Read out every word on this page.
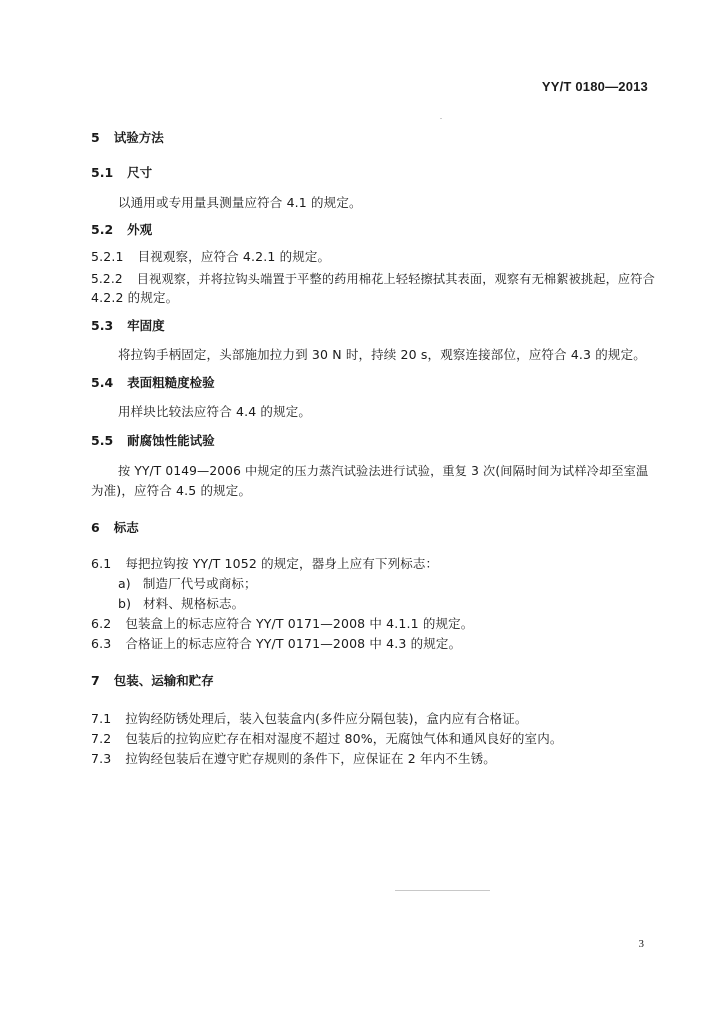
YY/T 0180—2013
5 试验方法
5.1 尺寸
以通用或专用量具测量应符合 4.1 的规定。
5.2 外观
5.2.1 目视观察，应符合 4.2.1 的规定。
5.2.2 目视观察，并将拉钩头端置于平整的药用棉花上轻轻擦拭其表面，观察有无棉絮被挑起，应符合
4.2.2 的规定。
5.3 牢固度
将拉钩手柄固定，头部施加拉力到 30 N 时，持续 20 s，观察连接部位，应符合 4.3 的规定。
5.4 表面粗糙度检验
用样块比较法应符合 4.4 的规定。
5.5 耐腐蚀性能试验
按 YY/T 0149—2006 中规定的压力蒸汽试验法进行试验，重复 3 次(间隔时间为试样冷却至室温
为准)，应符合 4.5 的规定。
6 标志
6.1 每把拉钩按 YY/T 1052 的规定，器身上应有下列标志：
a) 制造厂代号或商标；
b) 材料、规格标志。
6.2 包装盒上的标志应符合 YY/T 0171—2008 中 4.1.1 的规定。
6.3 合格证上的标志应符合 YY/T 0171—2008 中 4.3 的规定。
7 包装、运输和贮存
7.1 拉钩经防锈处理后，装入包装盒内(多件应分隔包装)，盒内应有合格证。
7.2 包装后的拉钩应贮存在相对湿度不超过 80%，无腐蚀气体和通风良好的室内。
7.3 拉钩经包装后在遵守贮存规则的条件下，应保证在 2 年内不生锈。
3
